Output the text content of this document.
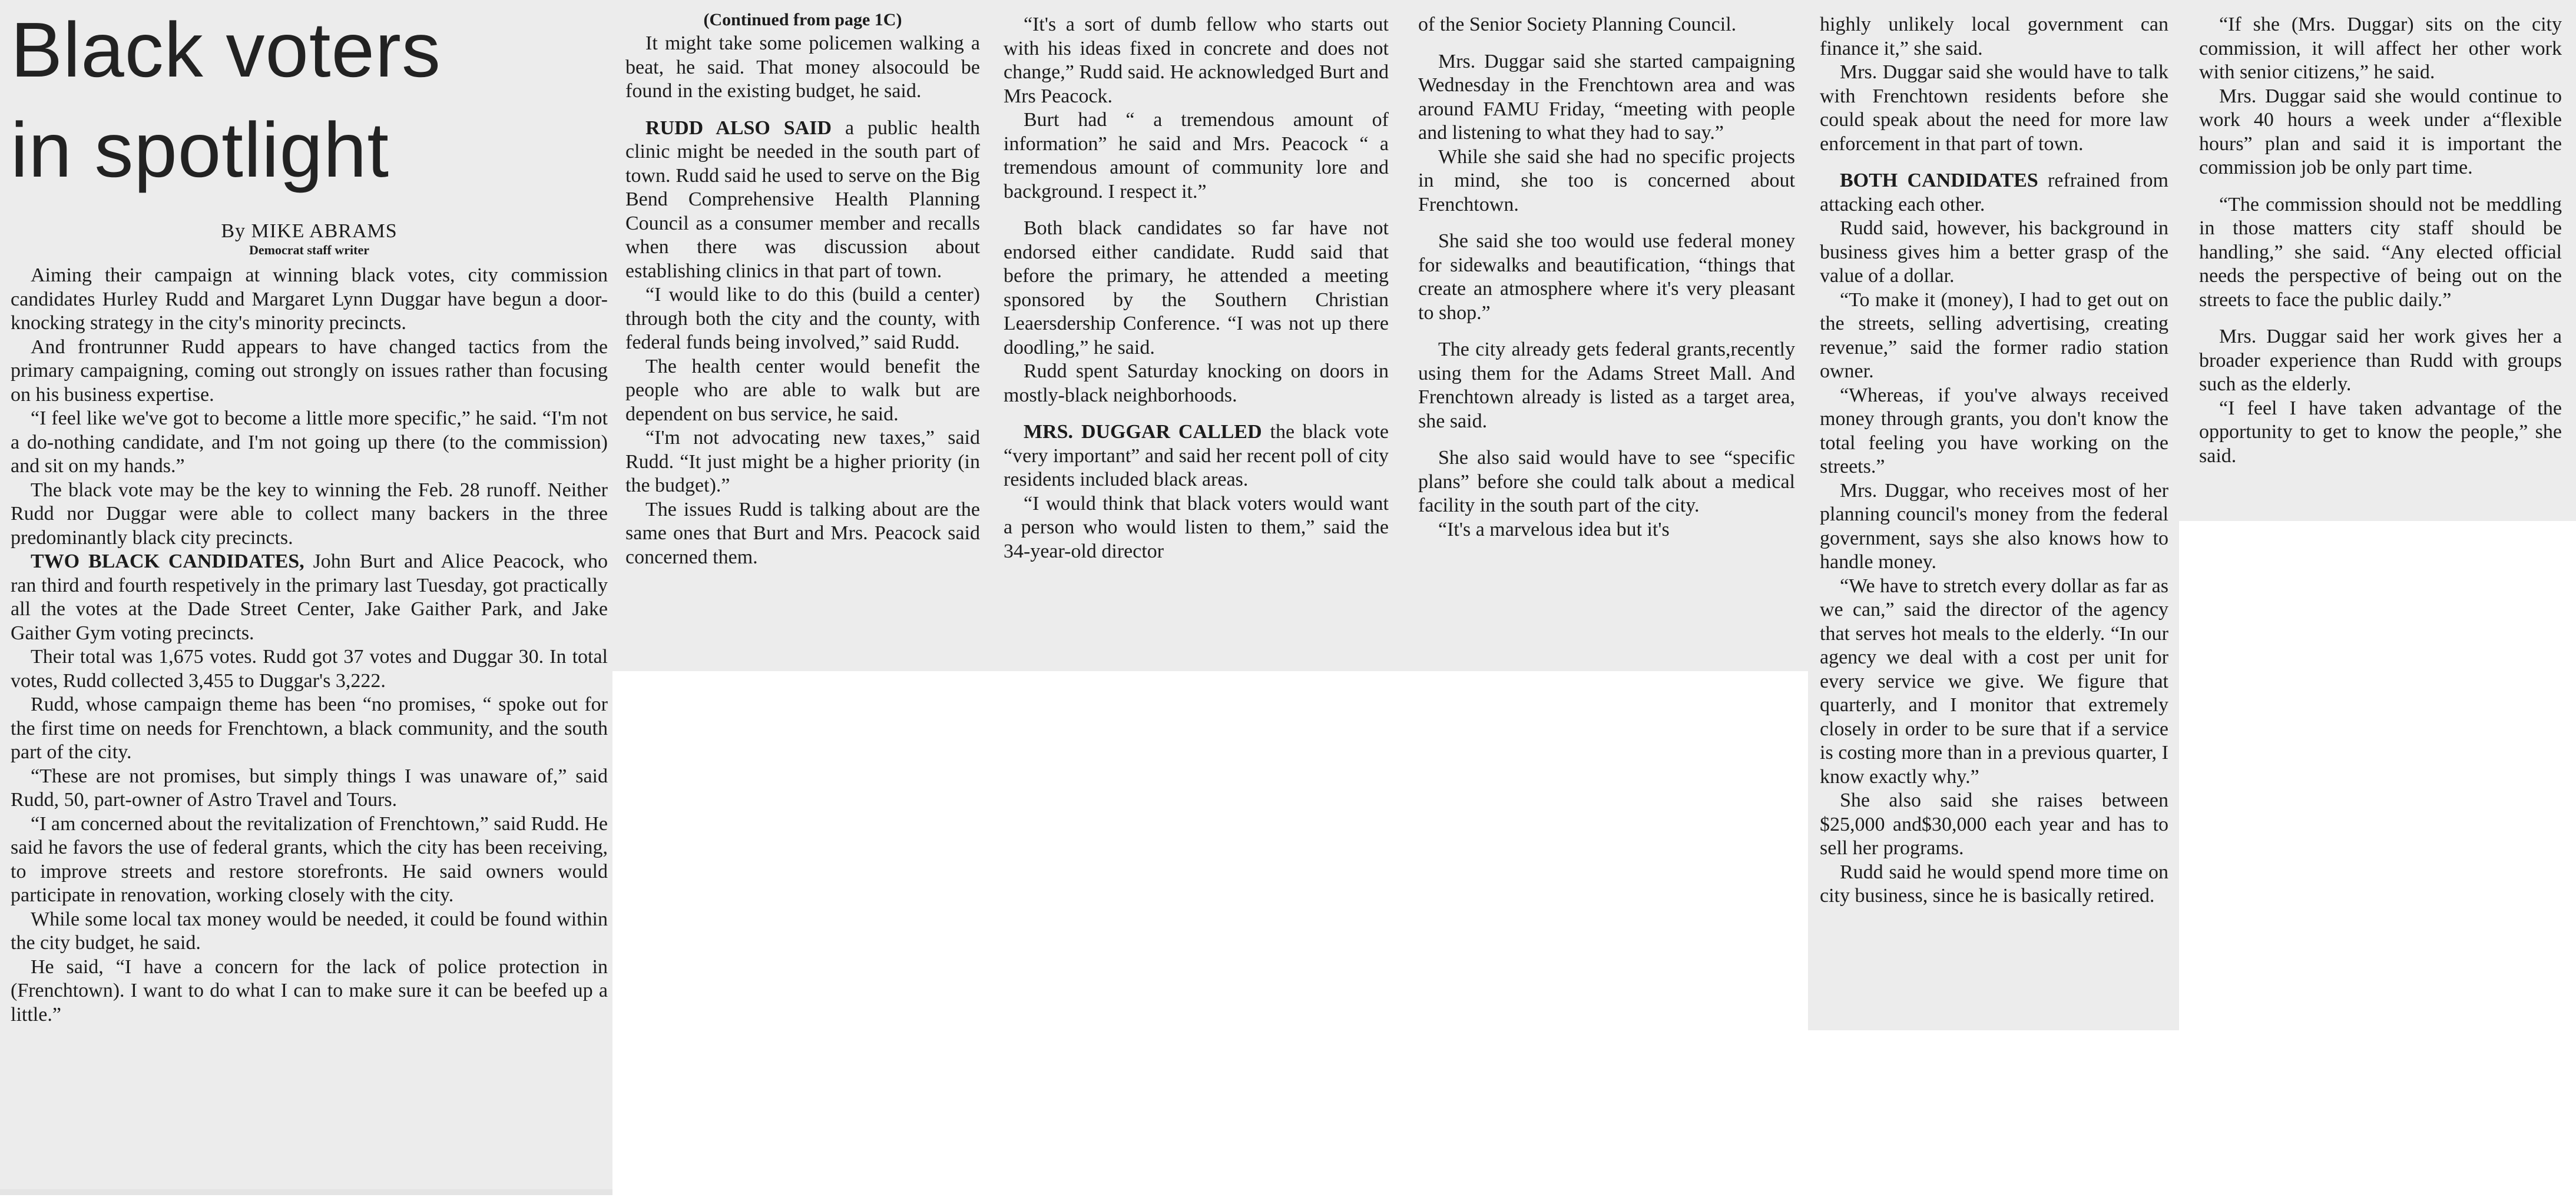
Black voters
in spotlight

By MIKE ABRAMS

Democrat staff writer

Aiming their campaign at winning black votes, city commission candidates Hurley Rudd and Margaret Lynn Duggar have begun a door-knocking strategy in the city's minority precincts.

And frontrunner Rudd appears to have changed tactics from the primary campaigning, coming out strongly on issues rather than focusing on his business expertise.

“I feel like we've got to become a little more specific,” he said. “I'm not a do-nothing candidate, and I'm not going up there (to the commission) and sit on my hands.”

The black vote may be the key to winning the Feb. 28 runoff. Neither Rudd nor Duggar were able to collect many backers in the three predominantly black city precincts.

TWO BLACK CANDIDATES, John Burt and Alice Peacock, who ran third and fourth respetively in the primary last Tuesday, got practically all the votes at the Dade Street Center, Jake Gaither Park, and Jake Gaither Gym voting precincts.

Their total was 1,675 votes. Rudd got 37 votes and Duggar 30. In total votes, Rudd collected 3,455 to Duggar's 3,222.

Rudd, whose campaign theme has been “no promises, “ spoke out for the first time on needs for Frenchtown, a black community, and the south part of the city.

“These are not promises, but simply things I was unaware of,” said Rudd, 50, part-owner of Astro Travel and Tours.

“I am concerned about the revitalization of Frenchtown,” said Rudd. He said he favors the use of federal grants, which the city has been receiving, to improve streets and restore storefronts. He said owners would participate in renovation, working closely with the city.

While some local tax money would be needed, it could be found within the city budget, he said.

He said, “I have a concern for the lack of police protection in (Frenchtown). I want to do what I can to make sure it can be beefed up a little.”

(Continued from page 1C)

It might take some policemen walking a beat, he said. That money alsocould be found in the existing budget, he said.

RUDD ALSO SAID a public health clinic might be needed in the south part of town. Rudd said he used to serve on the Big Bend Comprehensive Health Planning Council as a consumer member and recalls when there was discussion about establishing clinics in that part of town.

“I would like to do this (build a center) through both the city and the county, with federal funds being involved,” said Rudd.

The health center would benefit the people who are able to walk but are dependent on bus service, he said.

“I'm not advocating new taxes,” said Rudd. “It just might be a higher priority (in the budget).”

The issues Rudd is talking about are the same ones that Burt and Mrs. Peacock said concerned them.

“It's a sort of dumb fellow who starts out with his ideas fixed in concrete and does not change,” Rudd said. He acknowledged Burt and Mrs Peacock.

Burt had “ a tremendous amount of information” he said and Mrs. Peacock “ a tremendous amount of community lore and background. I respect it.”

Both black candidates so far have not endorsed either candidate. Rudd said that before the primary, he attended a meeting sponsored by the Southern Christian Leaersdership Conference. “I was not up there doodling,” he said.

Rudd spent Saturday knocking on doors in mostly-black neighborhoods.

MRS. DUGGAR CALLED the black vote “very important” and said her recent poll of city residents included black areas.

“I would think that black voters would want a person who would listen to them,” said the 34-year-old director

of the Senior Society Planning Council.

Mrs. Duggar said she started campaigning Wednesday in the Frenchtown area and was around FAMU Friday, “meeting with people and listening to what they had to say.”

While she said she had no specific projects in mind, she too is concerned about Frenchtown.

She said she too would use federal money for sidewalks and beautification, “things that create an atmosphere where it's very pleasant to shop.”

The city already gets federal grants,recently using them for the Adams Street Mall. And Frenchtown already is listed as a target area, she said.

She also said would have to see “specific plans” before she could talk about a medical facility in the south part of the city.

“It's a marvelous idea but it's

highly unlikely local government can finance it,” she said.

Mrs. Duggar said she would have to talk with Frenchtown residents before she could speak about the need for more law enforcement in that part of town.

BOTH CANDIDATES refrained from attacking each other.

Rudd said, however, his background in business gives him a better grasp of the value of a dollar.

“To make it (money), I had to get out on the streets, selling advertising, creating revenue,” said the former radio station owner.

“Whereas, if you've always received money through grants, you don't know the total feeling you have working on the streets.”

Mrs. Duggar, who receives most of her planning council's money from the federal government, says she also knows how to handle money.

“We have to stretch every dollar as far as we can,” said the director of the agency that serves hot meals to the elderly. “In our agency we deal with a cost per unit for every service we give. We figure that quarterly, and I monitor that extremely closely in order to be sure that if a service is costing more than in a previous quarter, I know exactly why.”

She also said she raises between $25,000 and$30,000 each year and has to sell her programs.

Rudd said he would spend more time on city business, since he is basically retired.

“If she (Mrs. Duggar) sits on the city commission, it will affect her other work with senior citizens,” he said.

Mrs. Duggar said she would continue to work 40 hours a week under a“flexible hours” plan and said it is important the commission job be only part time.

“The commission should not be meddling in those matters city staff should be handling,” she said. “Any elected official needs the perspective of being out on the streets to face the public daily.”

Mrs. Duggar said her work gives her a broader experience than Rudd with groups such as the elderly.

“I feel I have taken advantage of the opportunity to get to know the people,” she said.
